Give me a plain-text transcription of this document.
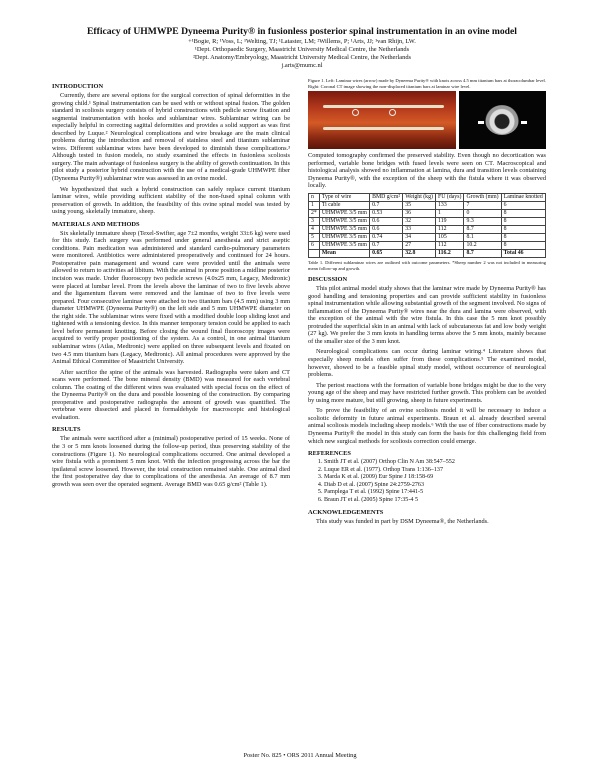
Efficacy of UHMWPE Dyneema Purity® in fusionless posterior spinal instrumentation in an ovine model
+¹Bogie, R; ¹Voss, L; ¹Welting, TJ; ¹Lataster, LM; ²Willems, P; ¹Arts, JJ; ¹van Rhijn, LW.
¹Dept. Orthopaedic Surgery, Maastricht University Medical Centre, the Netherlands
²Dept. Anatomy/Embryology, Maastricht University Medical Centre, the Netherlands
j.arts@mumc.nl
INTRODUCTION

Currently, there are several options for the surgical correction of spinal deformities in the growing child.¹ Spinal instrumentation can be used with or without spinal fusion. The golden standard in scoliosis surgery consists of hybrid constructions with pedicle screw fixation and segmental instrumentation with hooks and sublaminar wires. Sublaminar wiring can be especially helpful in correcting sagittal deformities and provides a solid support as was first described by Luque.² Neurological complications and wire breakage are the main clinical problems during the introduction and removal of stainless steel and titanium sublaminar wires. Different sublaminar wires have been developed to diminish these complications.³ Although tested in fusion models, no study examined the effects in fusionless scoliosis surgery. The main advantage of fusionless surgery is the ability of growth continuation. In this pilot study a posterior hybrid construction with the use of a medical-grade UHMWPE fiber (Dyneema Purity®) sublaminar wire was assessed in an ovine model.

We hypothesized that such a hybrid construction can safely replace current titanium laminar wires, while providing sufficient stability of the non-fused spinal column with preservation of growth. In addition, the feasibility of this ovine spinal model was tested by using young, skeletally immature, sheep.

MATERIALS AND METHODS

Six skeletally immature sheep (Texel-Swifter, age 7±2 months, weight 33±6 kg) were used for this study. Each surgery was performed under general anesthesia and strict aseptic conditions. Pain medication was administered and standard cardio-pulmonary parameters were monitored. Antibiotics were administered preoperatively and continued for 24 hours. Postoperative pain management and wound care were provided until the animals were allowed to return to activities ad libitum. With the animal in prone position a midline posterior incision was made. Under fluoroscopy two pedicle screws (4.0x25 mm, Legacy, Medtronic) were placed at lumbar level. From the levels above the laminae of two to five levels above and the ligamentum flavum were removed and the laminae of two to five levels were prepared. Four consecutive laminae were attached to two titanium bars (4.5 mm) using 3 mm diameter UHMWPE (Dyneema Purity®) on the left side and 5 mm UHMWPE diameter on the right side. The sublaminar wires were fixed with a modified double loop sliding knot and tightened with a tensioning device. In this manner temporary tension could be applied to each level before permanent knotting. Before closing the wound final fluoroscopy images were acquired to verify proper positioning of the system. As a control, in one animal titanium sublaminar wires (Atlas, Medtronic) were applied on three subsequent levels and fixated on two 4.5 mm titanium bars (Legacy, Medtronic). All animal procedures were approved by the Animal Ethical Committee of Maastricht University.

After sacrifice the spine of the animals was harvested. Radiographs were taken and CT scans were performed. The bone mineral density (BMD) was measured for each vertebral column. The coating of the different wires was evaluated with special focus on the effect of the Dyneema Purity® on the dura and possible loosening of the construction. By comparing preoperative and postoperative radiographs the amount of growth was quantified. The vertebrae were dissected and placed in formaldehyde for macroscopic and histological evaluation.

RESULTS

The animals were sacrificed after a (minimal) postoperative period of 15 weeks. None of the 3 or 5 mm knots loosened during the follow-up period, thus preserving stability of the constructions (Figure 1). No neurological complications occurred. One animal developed a wire fistula with a prominent 5 mm knot. With the infection progressing across the bar the ipsilateral screw loosened. However, the total construction remained stable. One animal died the first postoperative day due to complications of the anesthesia. An average of 8.7 mm growth was seen over the operated segment. Average BMD was 0.65 g/cm² (Table 1).

Figure 1. Left: Laminar wires (arrow) made by Dyneema Purity® with knots across 4.5 mm titanium bars at thoracolumbar level. Right: Coronal CT image showing the non-displaced titanium bars at laminar wire level.

Computed tomography confirmed the preserved stability. Even though no decortication was performed, variable bone bridges with fused levels were seen on CT. Macroscopical and histological analysis showed no inflammation at lamina, dura and transition levels containing Dyneema Purity®, with the exception of the sheep with the fistula where it was observed locally.

n	Type of wire	BMD g/cm²	Weight (kg)	FU (days)	Growth (mm)	Laminae knotted
1	Ti cable	0.7	35	133	7	6
2*	UHMWPE 3/5 mm	0.53	36	1	0	8
3	UHMWPE 3/5 mm	0.6	32	119	9.3	8
4	UHMWPE 3/5 mm	0.6	33	112	8.7	8
5	UHMWPE 3/5 mm	0.74	34	105	8.1	8
6	UHMWPE 3/5 mm	0.7	27	112	10.2	8
	Mean	0.65	32.8	116.2	8.7	Total 46
Table 1. Different sublaminar wires are outlined with outcome parameters. *Sheep number 2 was not included in measuring mean follow-up and growth.
DISCUSSION

This pilot animal model study shows that the laminar wire made by Dyneema Purity® has good handling and tensioning properties and can provide sufficient stability in fusionless spinal instrumentation while allowing substantial growth of the segment involved. No signs of inflammation of the Dyneema Purity® wires near the dura and lamina were observed, with the exception of the animal with the wire fistula. In this case the 5 mm knot possibly protruded the superficial skin in an animal with lack of subcutaneous fat and low body weight (27 kg). We prefer the 3 mm knots in handling terms above the 5 mm knots, mainly because of the smaller size of the 3 mm knot.

Neurological complications can occur during laminar wiring.⁴ Literature shows that especially sheep models often suffer from these complications.⁵ The examined model, however, showed to be a feasible spinal study model, without occurrence of neurological problems.

The periost reactions with the formation of variable bone bridges might be due to the very young age of the sheep and may have restricted further growth. This problem can be avoided by using more mature, but still growing, sheep in future experiments.

To prove the feasibility of an ovine scoliosis model it will be necessary to induce a scoliotic deformity in future animal experiments. Braun et al. already described several animal scoliosis models including sheep models.⁶ With the use of fiber constructions made by Dyneema Purity® the model in this study can form the basis for this challenging field from which new surgical methods for scoliosis correction could emerge.

REFERENCES
1. Smith JT et al. (2007) Orthop Clin N Am 38:547–552
2. Luque ER et al. (1977). Orthop Trans 1:136–137
3. Marda K et al. (2009) Eur Spine J 18:158-69
4. Diab D et al. (2007) Spine 24:2759-2763
5. Pamplega T et al. (1992) Spine 17:441-5
6. Braun JT et al. (2005) Spine 17:35-4 5
ACKNOWLEDGEMENTS

This study was funded in part by DSM Dyneema®, the Netherlands.

Poster No. 825 • ORS 2011 Annual Meeting
